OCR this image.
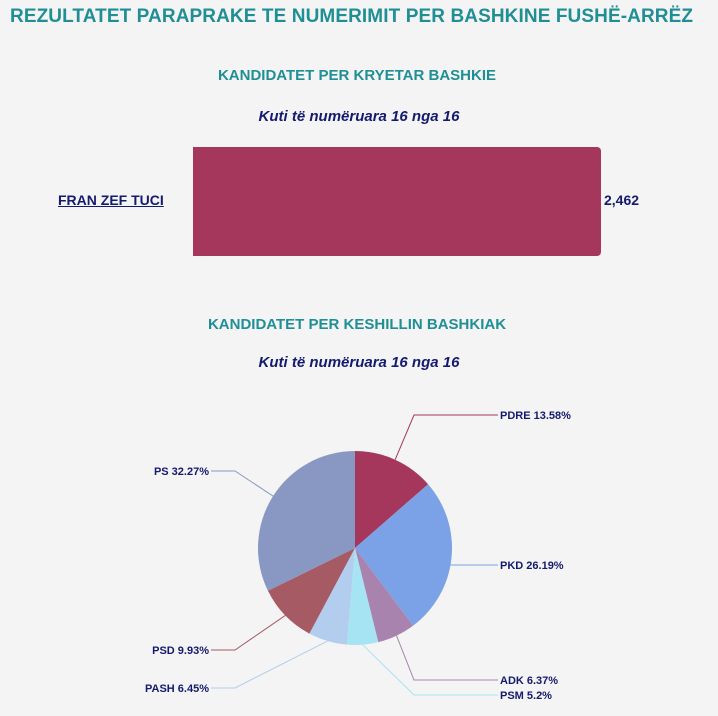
REZULTATET PARAPRAKE TE NUMERIMIT PER BASHKINE FUSHË-ARRËZ
KANDIDATET PER KRYETAR BASHKIE
Kuti të numëruara 16 nga 16
FRAN ZEF TUCI	2,462
KANDIDATET PER KESHILLIN BASHKIAK
Kuti të numëruara 16 nga 16
PDRE 13.58%
PKD 26.19%
ADK 6.37%
PSM 5.2%
PASH 6.45%
PSD 9.93%
PS 32.27%
